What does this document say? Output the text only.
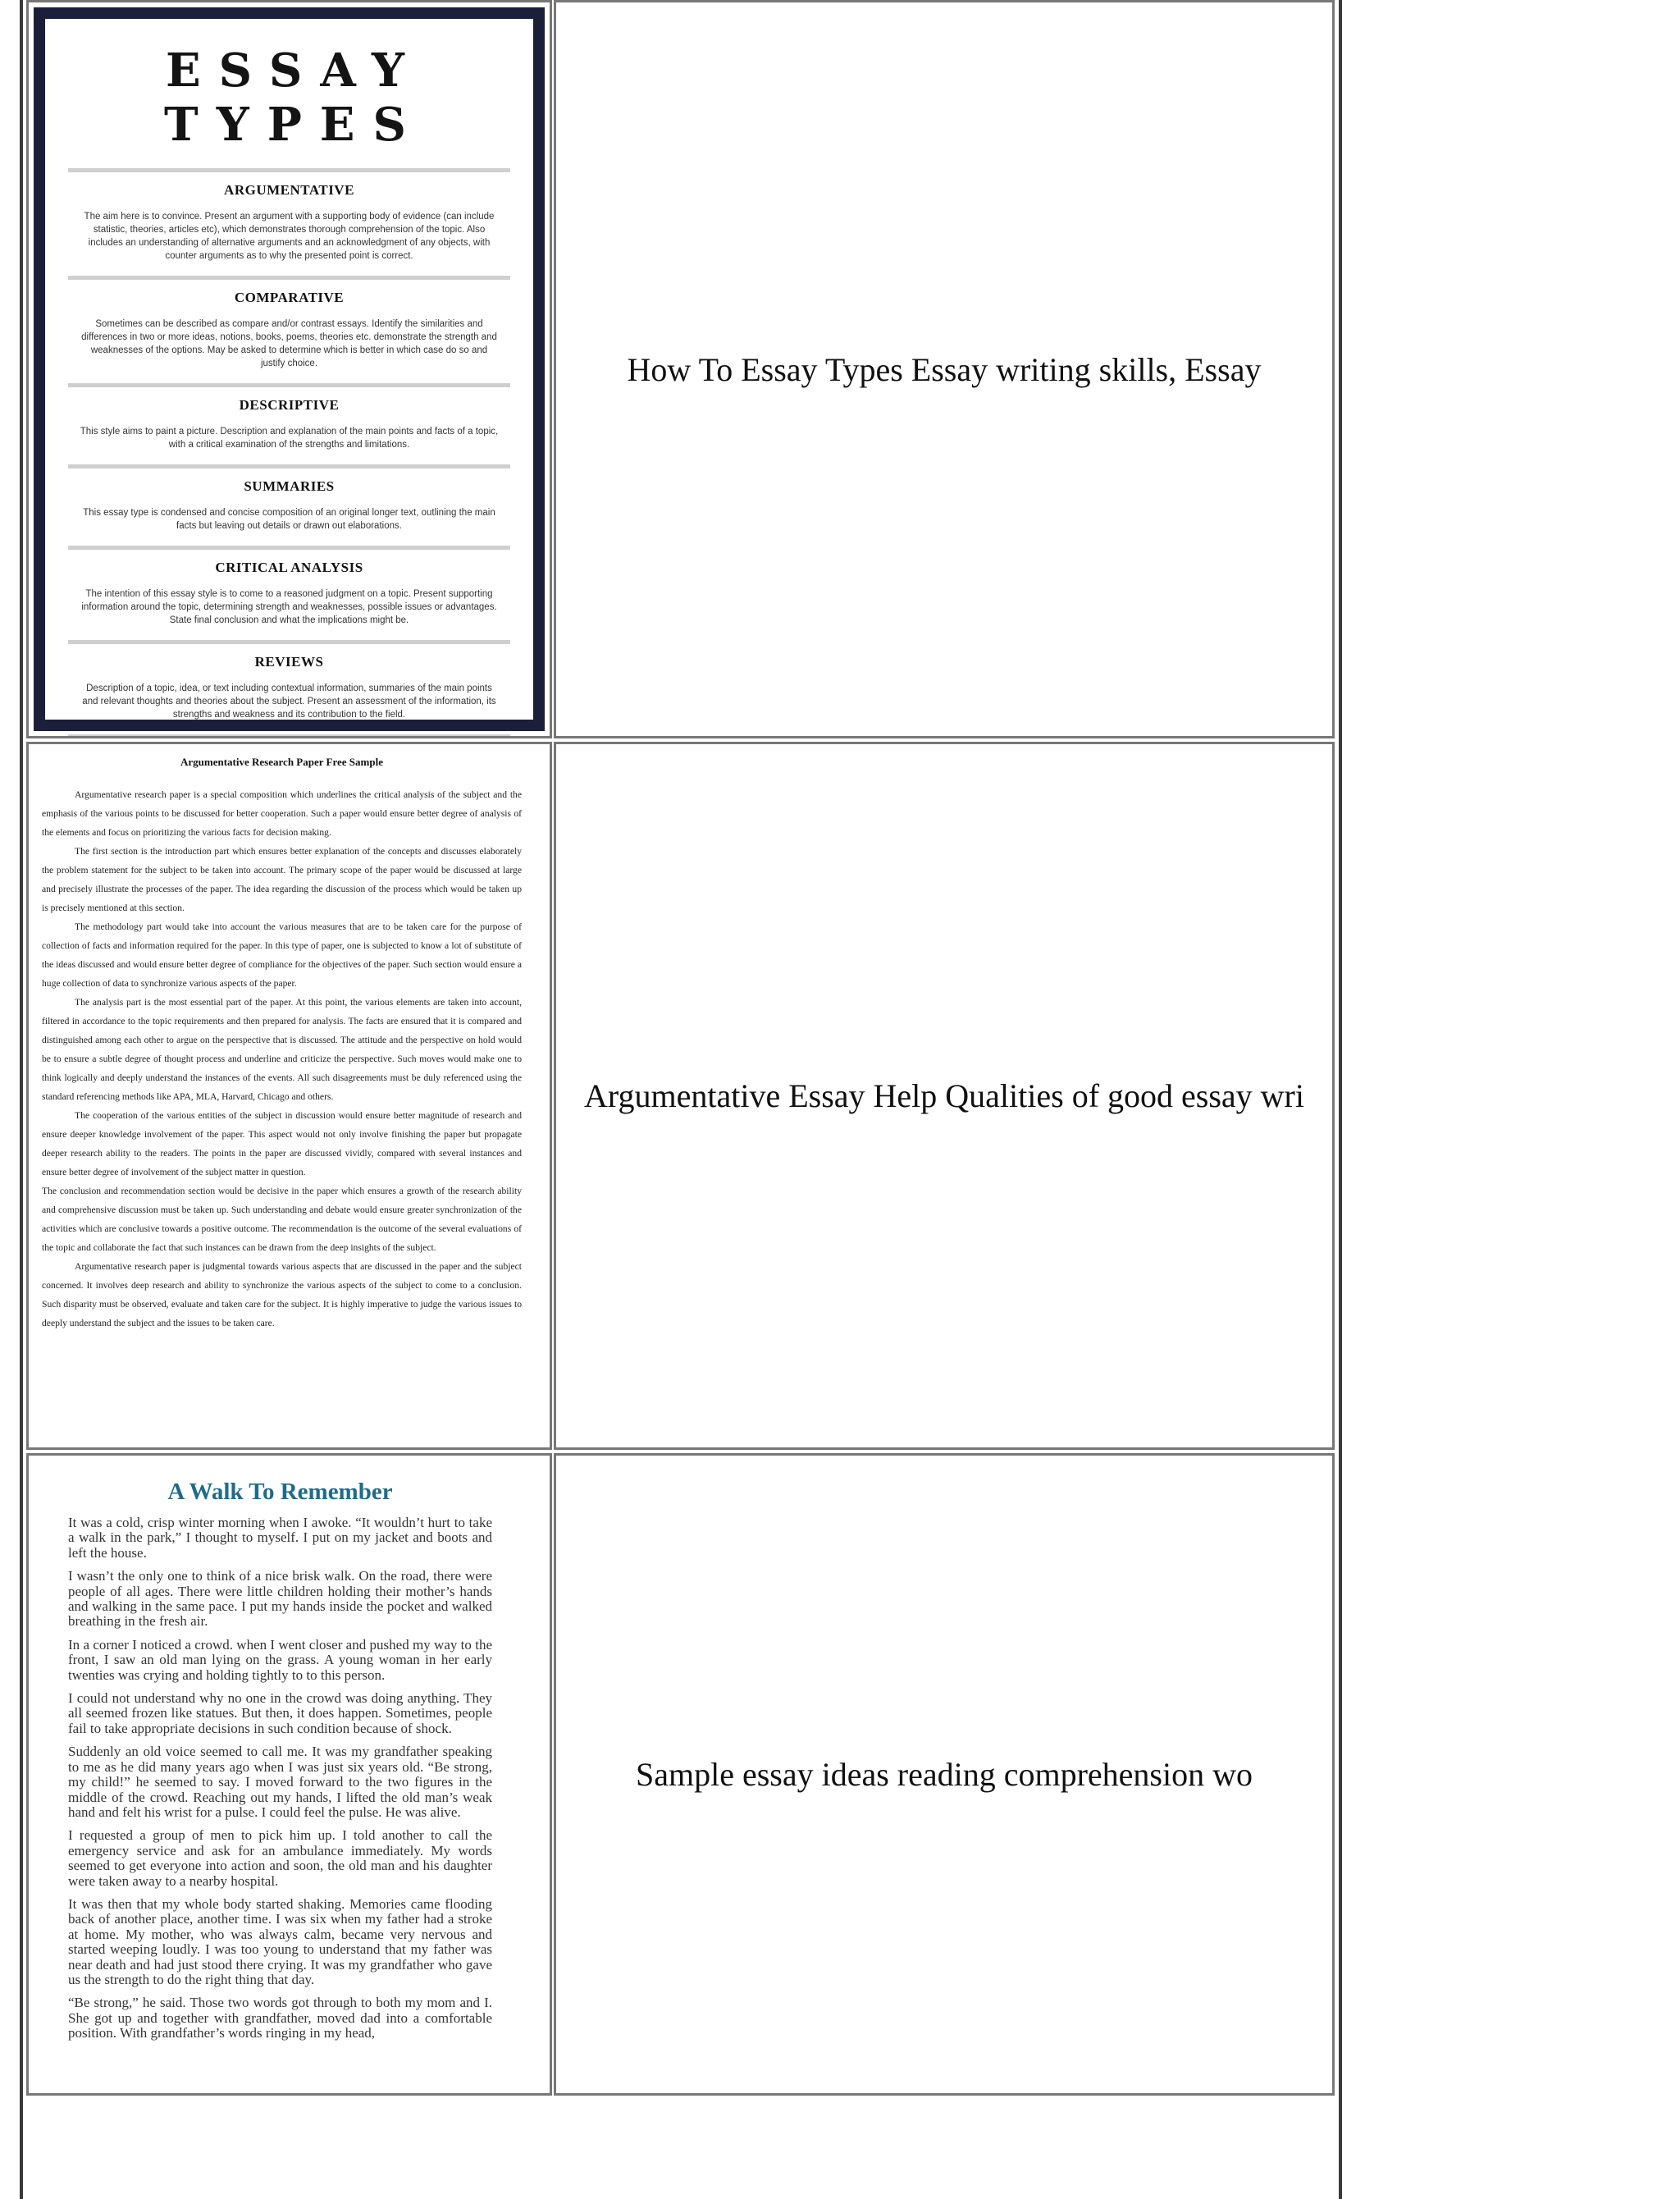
ESSAY TYPES
ARGUMENTATIVE
The aim here is to convince. Present an argument with a supporting body of evidence (can include statistic, theories, articles etc), which demonstrates thorough comprehension of the topic. Also includes an understanding of alternative arguments and an acknowledgment of any objects, with counter arguments as to why the presented point is correct.
COMPARATIVE
Sometimes can be described as compare and/or contrast essays. Identify the similarities and differences in two or more ideas, notions, books, poems, theories etc. demonstrate the strength and weaknesses of the options. May be asked to determine which is better in which case do so and justify choice.
DESCRIPTIVE
This style aims to paint a picture. Description and explanation of the main points and facts of a topic, with a critical examination of the strengths and limitations.
SUMMARIES
This essay type is condensed and concise composition of an original longer text, outlining the main facts but leaving out details or drawn out elaborations.
CRITICAL ANALYSIS
The intention of this essay style is to come to a reasoned judgment on a topic. Present supporting information around the topic, determining strength and weaknesses, possible issues or advantages. State final conclusion and what the implications might be.
REVIEWS
Description of a topic, idea, or text including contextual information, summaries of the main points and relevant thoughts and theories about the subject. Present an assessment of the information, its strengths and weakness and its contribution to the field.
How To Essay Types Essay writing skills, Essay
Argumentative Research Paper Free Sample

Argumentative research paper is a special composition which underlines the critical analysis of the subject and the emphasis of the various points to be discussed for better cooperation. Such a paper would ensure better degree of analysis of the elements and focus on prioritizing the various facts for decision making.

The first section is the introduction part which ensures better explanation of the concepts and discusses elaborately the problem statement for the subject to be taken into account. The primary scope of the paper would be discussed at large and precisely illustrate the processes of the paper. The idea regarding the discussion of the process which would be taken up is precisely mentioned at this section.

The methodology part would take into account the various measures that are to be taken care for the purpose of collection of facts and information required for the paper. In this type of paper, one is subjected to know a lot of substitute of the ideas discussed and would ensure better degree of compliance for the objectives of the paper. Such section would ensure a huge collection of data to synchronize various aspects of the paper.

The analysis part is the most essential part of the paper. At this point, the various elements are taken into account, filtered in accordance to the topic requirements and then prepared for analysis. The facts are ensured that it is compared and distinguished among each other to argue on the perspective that is discussed. The attitude and the perspective on hold would be to ensure a subtle degree of thought process and underline and criticize the perspective. Such moves would make one to think logically and deeply understand the instances of the events. All such disagreements must be duly referenced using the standard referencing methods like APA, MLA, Harvard, Chicago and others.

The cooperation of the various entities of the subject in discussion would ensure better magnitude of research and ensure deeper knowledge involvement of the paper. This aspect would not only involve finishing the paper but propagate deeper research ability to the readers. The points in the paper are discussed vividly, compared with several instances and ensure better degree of involvement of the subject matter in question.

The conclusion and recommendation section would be decisive in the paper which ensures a growth of the research ability and comprehensive discussion must be taken up. Such understanding and debate would ensure greater synchronization of the activities which are conclusive towards a positive outcome. The recommendation is the outcome of the several evaluations of the topic and collaborate the fact that such instances can be drawn from the deep insights of the subject.

Argumentative research paper is judgmental towards various aspects that are discussed in the paper and the subject concerned. It involves deep research and ability to synchronize the various aspects of the subject to come to a conclusion. Such disparity must be observed, evaluate and taken care for the subject. It is highly imperative to judge the various issues to deeply understand the subject and the issues to be taken care.

Argumentative Essay Help Qualities of good essay wri
A Walk To Remember

It was a cold, crisp winter morning when I awoke. “It wouldn’t hurt to take a walk in the park,” I thought to myself. I put on my jacket and boots and left the house.

I wasn’t the only one to think of a nice brisk walk. On the road, there were people of all ages. There were little children holding their mother’s hands and walking in the same pace. I put my hands inside the pocket and walked breathing in the fresh air.

In a corner I noticed a crowd. when I went closer and pushed my way to the front, I saw an old man lying on the grass. A young woman in her early twenties was crying and holding tightly to to this person.

I could not understand why no one in the crowd was doing anything. They all seemed frozen like statues. But then, it does happen. Sometimes, people fail to take appropriate decisions in such condition because of shock.

Suddenly an old voice seemed to call me. It was my grandfather speaking to me as he did many years ago when I was just six years old. “Be strong, my child!” he seemed to say. I moved forward to the two figures in the middle of the crowd. Reaching out my hands, I lifted the old man’s weak hand and felt his wrist for a pulse. I could feel the pulse. He was alive.

I requested a group of men to pick him up. I told another to call the emergency service and ask for an ambulance immediately. My words seemed to get everyone into action and soon, the old man and his daughter were taken away to a nearby hospital.

It was then that my whole body started shaking. Memories came flooding back of another place, another time. I was six when my father had a stroke at home. My mother, who was always calm, became very nervous and started weeping loudly. I was too young to understand that my father was near death and had just stood there crying. It was my grandfather who gave us the strength to do the right thing that day.

“Be strong,” he said. Those two words got through to both my mom and I. She got up and together with grandfather, moved dad into a comfortable position. With grandfather’s words ringing in my head,

Sample essay ideas reading comprehension wo
